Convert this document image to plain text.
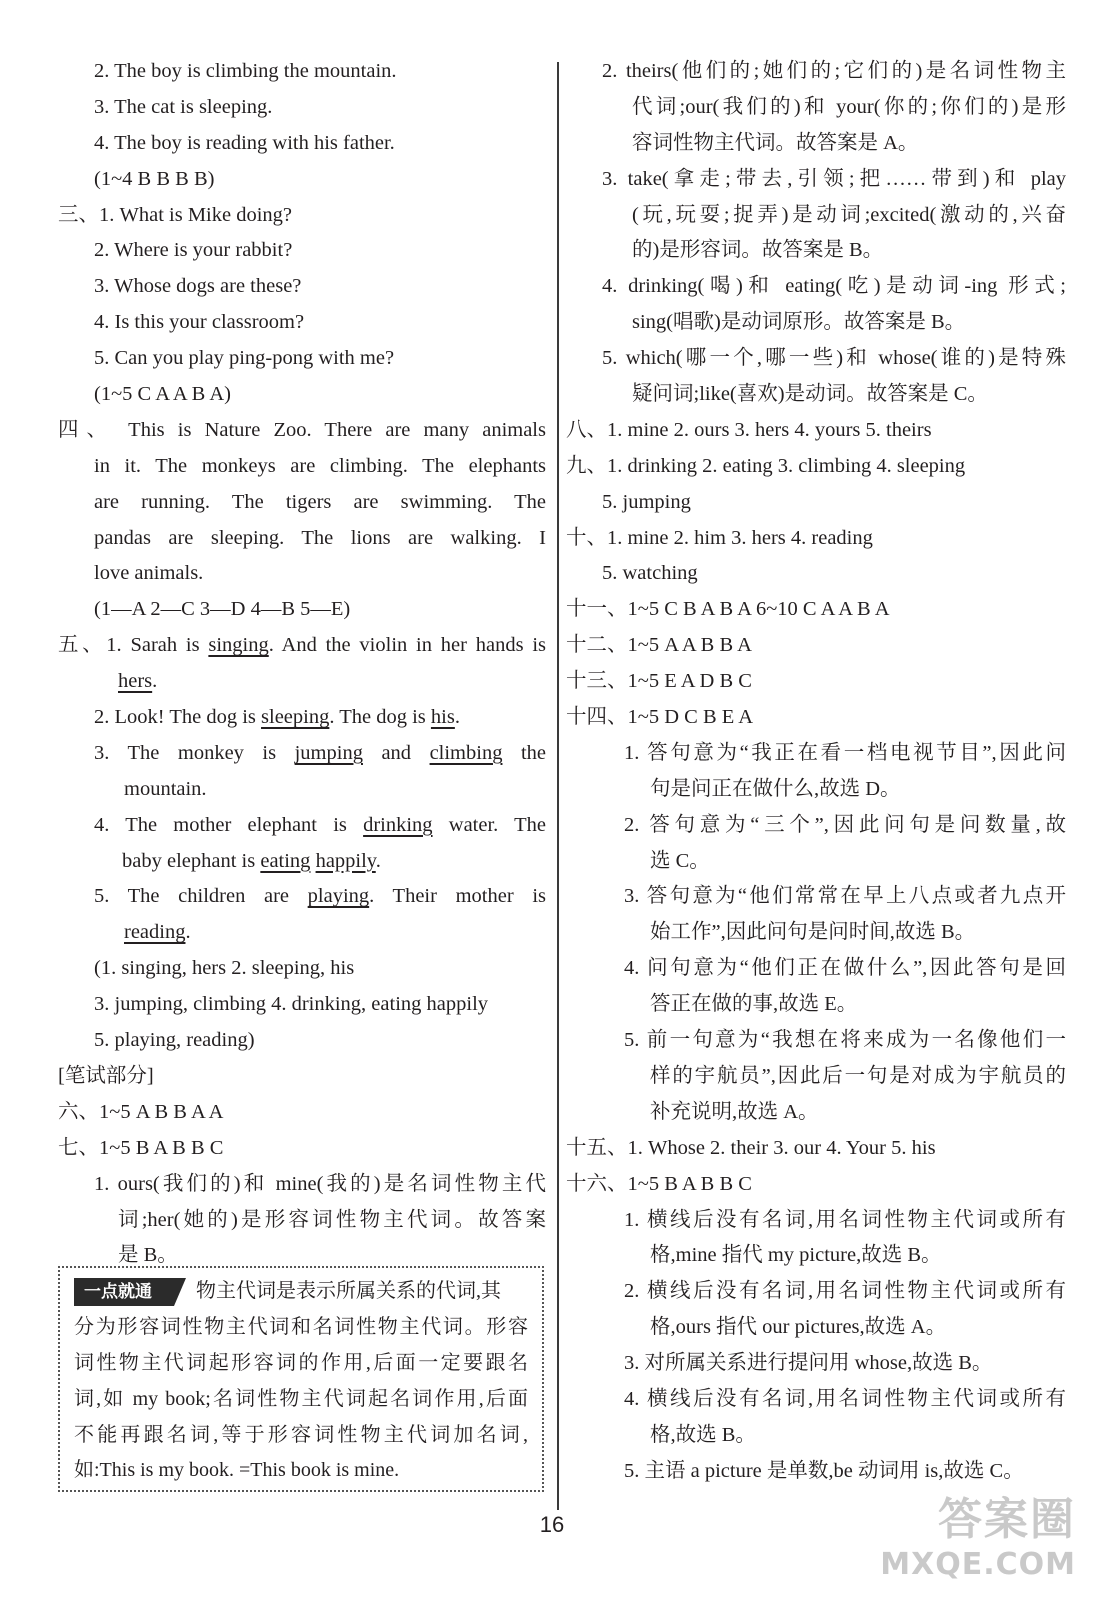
2. The boy is climbing the mountain.
3. The cat is sleeping.
4. The boy is reading with his father.
(1~4 B B B B)
三、1. What is Mike doing?
2. Where is your rabbit?
3. Whose dogs are these?
4. Is this your classroom?
5. Can you play ping-pong with me?
(1~5 C A A B A)
四、 This is Nature Zoo. There are many animals
in it. The monkeys are climbing. The elephants
are running. The tigers are swimming. The
pandas are sleeping. The lions are walking. I
love animals.
(1—A 2—C 3—D 4—B 5—E)
五、1. Sarah is singing. And the violin in her hands is
hers.
2. Look! The dog is sleeping. The dog is his.
3. The monkey is jumping and climbing the
mountain.
4. The mother elephant is drinking water. The
baby elephant is eating happily.
5. The children are playing. Their mother is
reading.
(1. singing, hers 2. sleeping, his
3. jumping, climbing 4. drinking, eating happily
5. playing, reading)
[笔试部分]
六、1~5 A B B A A
七、1~5 B A B B C
1. ours(我们的)和 mine(我的)是名词性物主代
词;her(她的)是形容词性物主代词。故答案
是 B。
2. theirs(他们的;她们的;它们的)是名词性物主
代词;our(我们的)和 your(你的;你们的)是形
容词性物主代词。故答案是 A。
3. take(拿走;带去,引领;把……带到)和 play
(玩,玩耍;捉弄)是动词;excited(激动的,兴奋
的)是形容词。故答案是 B。
4. drinking(喝)和 eating(吃)是动词-ing 形式;
sing(唱歌)是动词原形。故答案是 B。
5. which(哪一个,哪一些)和 whose(谁的)是特殊
疑问词;like(喜欢)是动词。故答案是 C。
八、1. mine 2. ours 3. hers 4. yours 5. theirs
九、1. drinking 2. eating 3. climbing 4. sleeping
5. jumping
十、1. mine 2. him 3. hers 4. reading
5. watching
十一、1~5 C B A B A 6~10 C A A B A
十二、1~5 A A B B A
十三、1~5 E A D B C
十四、1~5 D C B E A
1. 答句意为“我正在看一档电视节目”,因此问
句是问正在做什么,故选 D。
2. 答句意为“三个”,因此问句是问数量,故
选 C。
3. 答句意为“他们常常在早上八点或者九点开
始工作”,因此问句是问时间,故选 B。
4. 问句意为“他们正在做什么”,因此答句是回
答正在做的事,故选 E。
5. 前一句意为“我想在将来成为一名像他们一
样的宇航员”,因此后一句是对成为宇航员的
补充说明,故选 A。
十五、1. Whose 2. their 3. our 4. Your 5. his
十六、1~5 B A B B C
1. 横线后没有名词,用名词性物主代词或所有
格,mine 指代 my picture,故选 B。
2. 横线后没有名词,用名词性物主代词或所有
格,ours 指代 our pictures,故选 A。
3. 对所属关系进行提问用 whose,故选 B。
4. 横线后没有名词,用名词性物主代词或所有
格,故选 B。
5. 主语 a picture 是单数,be 动词用 is,故选 C。
一点就通 物主代词是表示所属关系的代词,其
分为形容词性物主代词和名词性物主代词。形容
词性物主代词起形容词的作用,后面一定要跟名
词,如 my book;名词性物主代词起名词作用,后面
不能再跟名词,等于形容词性物主代词加名词,
如:This is my book. =This book is mine.
16	答案圈
MXQE.COM
